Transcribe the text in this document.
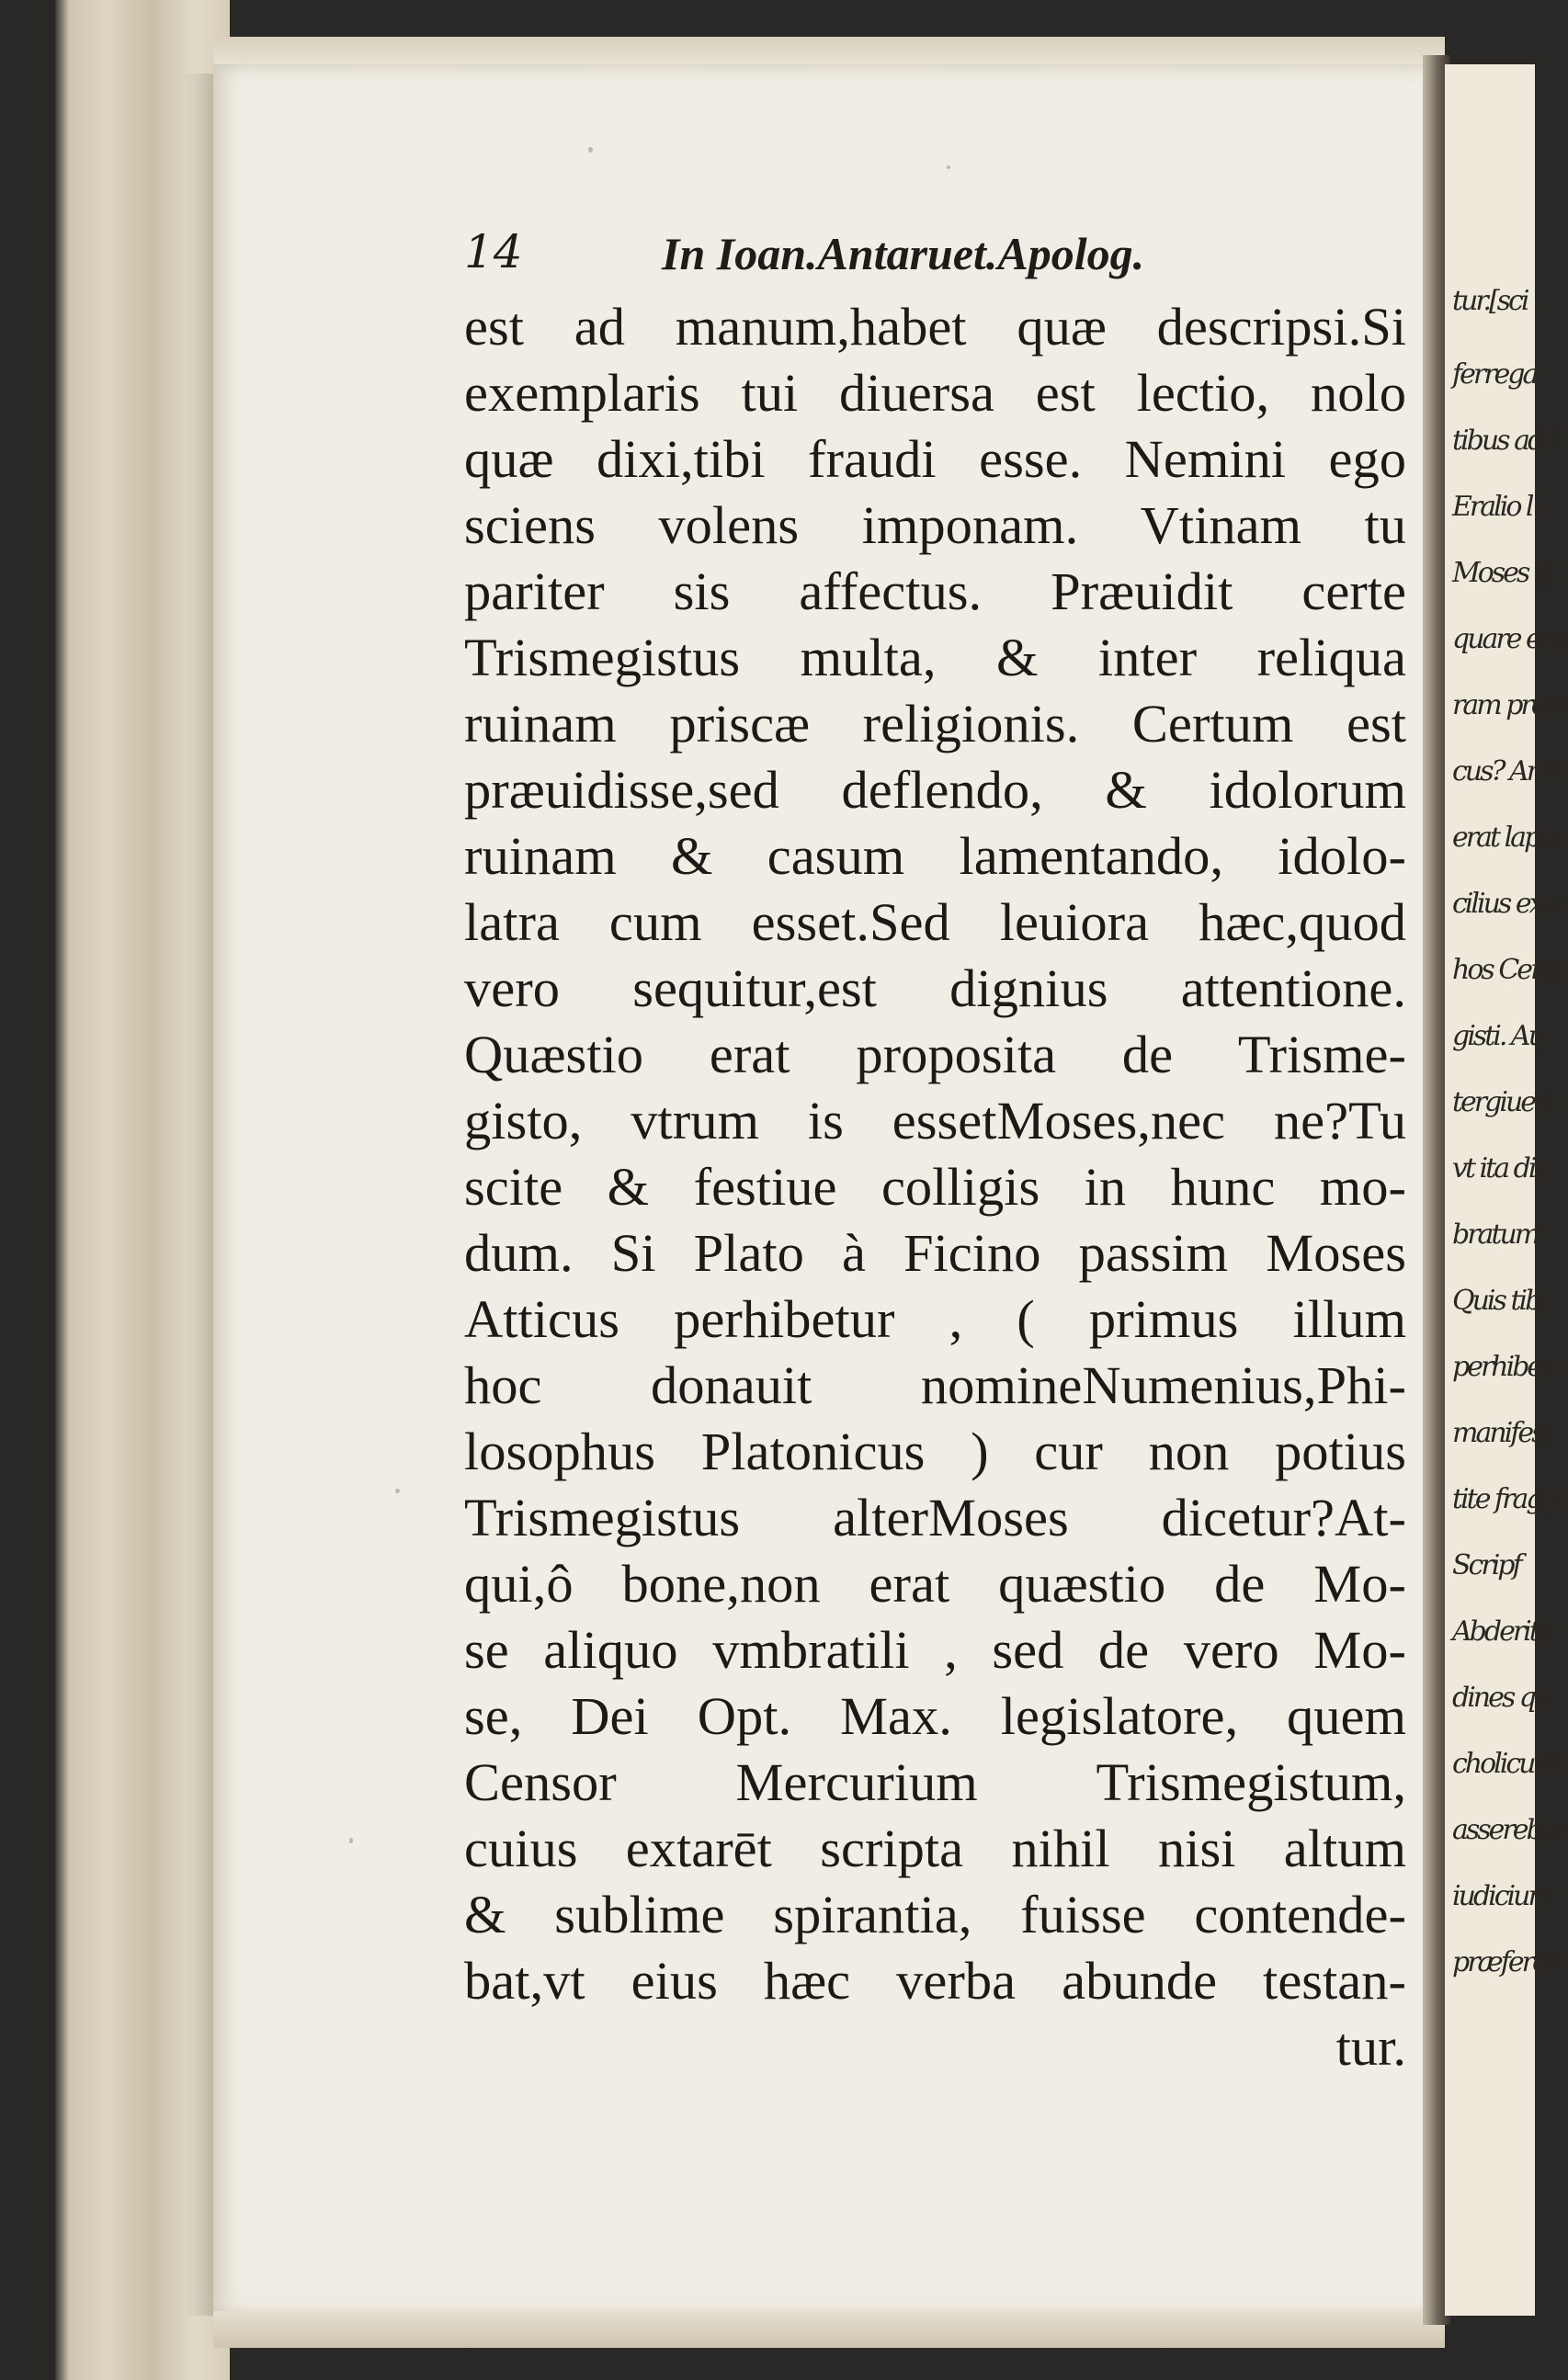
14	In Ioan.Antaruet.Apolog.
est ad manum,habet quæ descripsi.Si
exemplaris tui diuersa est lectio, nolo
quæ dixi,tibi fraudi esse. Nemini ego
sciens volens imponam. Vtinam tu
pariter sis affectus. Præuidit certe
Trismegistus multa, & inter reliqua
ruinam priscæ religionis. Certum est
præuidisse,sed deflendo, & idolorum
ruinam & casum lamentando, idolo-
latra cum esset.Sed leuiora hæc,quod
vero sequitur,est dignius attentione.
Quæstio erat proposita de Trisme-
gisto, vtrum is essetMoses,nec ne?Tu
scite & festiue colligis in hunc mo-
dum. Si Plato à Ficino passim Moses
Atticus perhibetur , ( primus illum
hoc donauit nomineNumenius,Phi-
losophus Platonicus ) cur non potius
Trismegistus alterMoses dicetur?At-
qui,ô bone,non erat quæstio de Mo-
se aliquo vmbratili , sed de vero Mo-
se, Dei Opt. Max. legislatore, quem
Censor Mercurium Trismegistum,
cuius extarēt scripta nihil nisi altum
& sublime spirantia, fuisse contende-
bat,vt eius hæc verba abunde testan-
tur.
tur.[sci
ferrega
tibus ad f
Eralio l
Moses ill
quare erg
ram prom
cus? Ann
erat lapia
cilius exer
hos Cens
gisti. Au
tergiuert
vt ita dic
bratum
Quis tib
perhiben
manifest
tite fraga
Scripf
Abderita
dines qu
cholicum
asserebat
iudicium
præferen
